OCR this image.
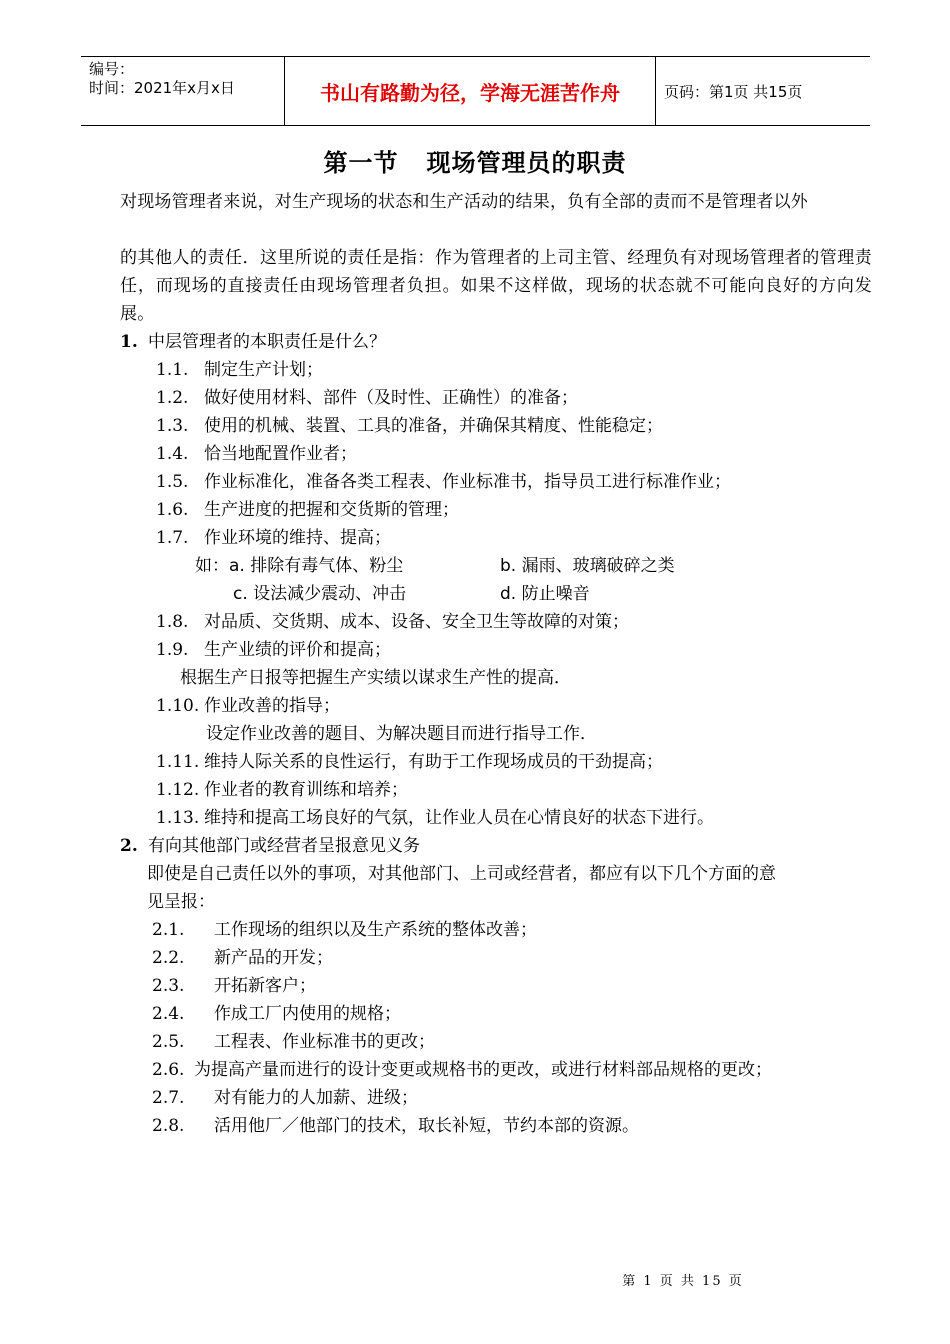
编号：
时间：2021年x月x日	书山有路勤为径，学海无涯苦作舟	页码：第1页 共15页
第一节 现场管理员的职责
对现场管理者来说，对生产现场的状态和生产活动的结果，负有全部的责而不是管理者以外
的其他人的责任．这里所说的责任是指：作为管理者的上司主管、经理负有对现场管理者的管理责任，而现场的直接责任由现场管理者负担。如果不这样做，现场的状态就不可能向良好的方向发展。
1. 中层管理者的本职责任是什么？
1.1. 制定生产计划；
1.2. 做好使用材料、部件（及时性、正确性）的准备；
1.3. 使用的机械、装置、工具的准备，并确保其精度、性能稳定；
1.4. 恰当地配置作业者；
1.5. 作业标准化，准备各类工程表、作业标准书，指导员工进行标准作业；
1.6. 生产进度的把握和交货斯的管理；
1.7. 作业环境的维持、提高；
如：a. 排除有毒气体、粉尘	b. 漏雨、玻璃破碎之类
c. 设法减少震动、冲击	d. 防止噪音
1.8. 对品质、交货期、成本、设备、安全卫生等故障的对策；
1.9. 生产业绩的评价和提高；
根据生产日报等把握生产实绩以谋求生产性的提高．
1.10. 作业改善的指导；
设定作业改善的题目、为解决题目而进行指导工作．
1.11. 维持人际关系的良性运行，有助于工作现场成员的干劲提高；
1.12. 作业者的教育训练和培养；
1.13. 维持和提高工场良好的气氛，让作业人员在心情良好的状态下进行。
2. 有向其他部门或经营者呈报意见义务
即使是自己责任以外的事项，对其他部门、上司或经营者，都应有以下几个方面的意
见呈报：
2.1. 工作现场的组织以及生产系统的整体改善；
2.2. 新产品的开发；
2.3. 开拓新客户；
2.4. 作成工厂内使用的规格；
2.5. 工程表、作业标准书的更改；
2.6. 为提高产量而进行的设计变更或规格书的更改，或进行材料部品规格的更改；
2.7. 对有能力的人加薪、进级；
2.8. 活用他厂／他部门的技术，取长补短，节约本部的资源。
第 1 页 共 15 页
